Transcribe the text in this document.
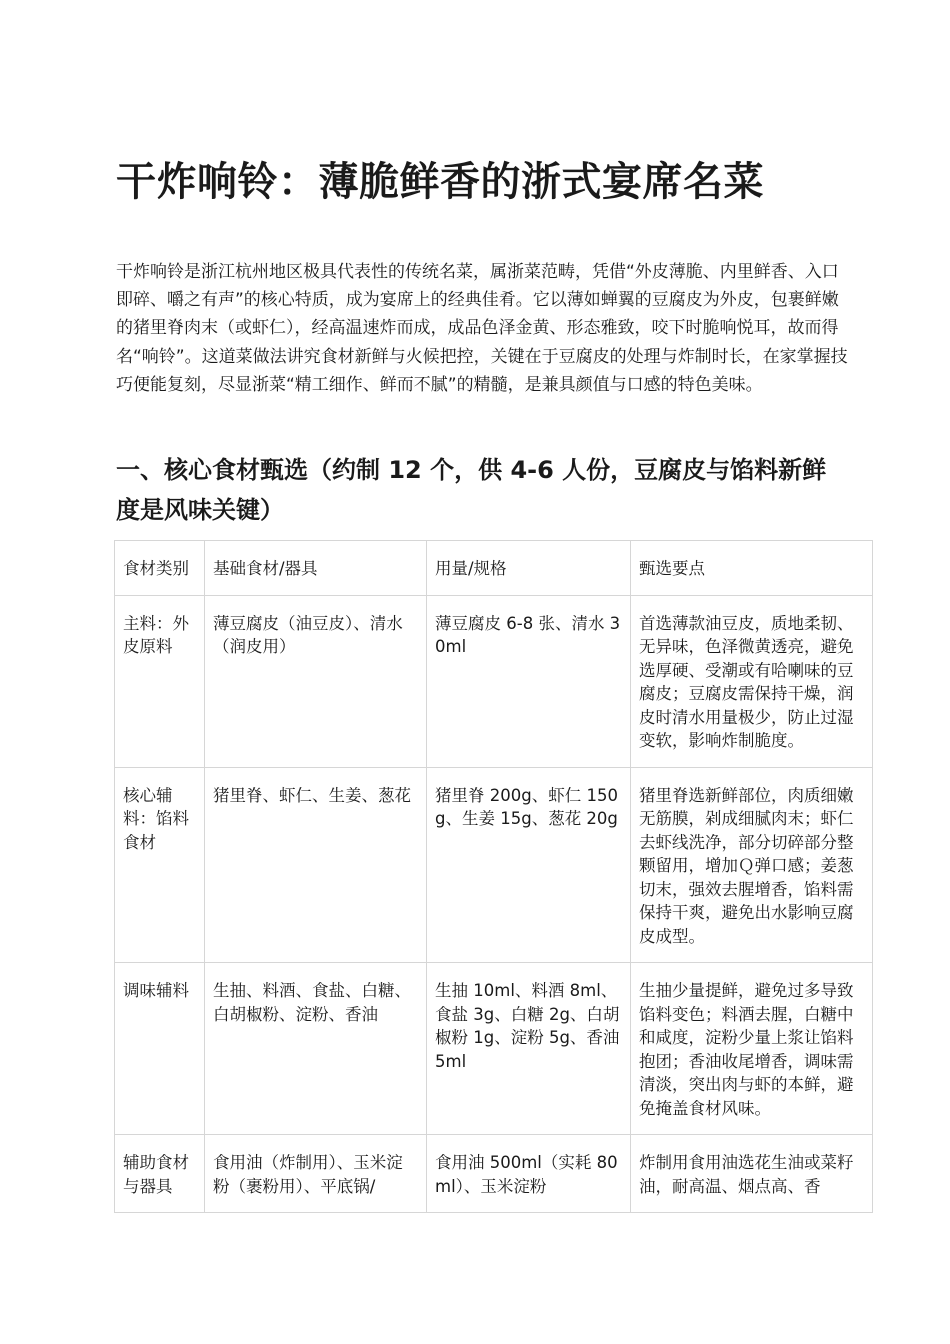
干炸响铃：薄脆鲜香的浙式宴席名菜

干炸响铃是浙江杭州地区极具代表性的传统名菜，属浙菜范畴，凭借“外皮薄脆、内里鲜香、入口即碎、嚼之有声”的核心特质，成为宴席上的经典佳肴。它以薄如蝉翼的豆腐皮为外皮，包裹鲜嫩的猪里脊肉末（或虾仁），经高温速炸而成，成品色泽金黄、形态雅致，咬下时脆响悦耳，故而得名“响铃”。这道菜做法讲究食材新鲜与火候把控，关键在于豆腐皮的处理与炸制时长，在家掌握技巧便能复刻，尽显浙菜“精工细作、鲜而不腻”的精髓，是兼具颜值与口感的特色美味。

一、核心食材甄选（约制 12 个，供 4-6 人份，豆腐皮与馅料新鲜度是风味关键）
食材类别	基础食材/器具	用量/规格	甄选要点
主料：外皮原料	薄豆腐皮（油豆皮）、清水（润皮用）	薄豆腐皮 6-8 张、清水 30ml	首选薄款油豆皮，质地柔韧、无异味，色泽微黄透亮，避免选厚硬、受潮或有哈喇味的豆腐皮；豆腐皮需保持干燥，润皮时清水用量极少，防止过湿变软，影响炸制脆度。
核心辅料：馅料食材	猪里脊、虾仁、生姜、葱花	猪里脊 200g、虾仁 150g、生姜 15g、葱花 20g	猪里脊选新鲜部位，肉质细嫩无筋膜，剁成细腻肉末；虾仁去虾线洗净，部分切碎部分整颗留用，增加Ｑ弹口感；姜葱切末，强效去腥增香，馅料需保持干爽，避免出水影响豆腐皮成型。
调味辅料	生抽、料酒、食盐、白糖、白胡椒粉、淀粉、香油	生抽 10ml、料酒 8ml、食盐 3g、白糖 2g、白胡椒粉 1g、淀粉 5g、香油 5ml	生抽少量提鲜，避免过多导致馅料变色；料酒去腥，白糖中和咸度，淀粉少量上浆让馅料抱团；香油收尾增香，调味需清淡，突出肉与虾的本鲜，避免掩盖食材风味。
辅助食材与器具	食用油（炸制用）、玉米淀粉（裹粉用）、平底锅/	食用油 500ml（实耗 80ml）、玉米淀粉	炸制用食用油选花生油或菜籽油，耐高温、烟点高、香
